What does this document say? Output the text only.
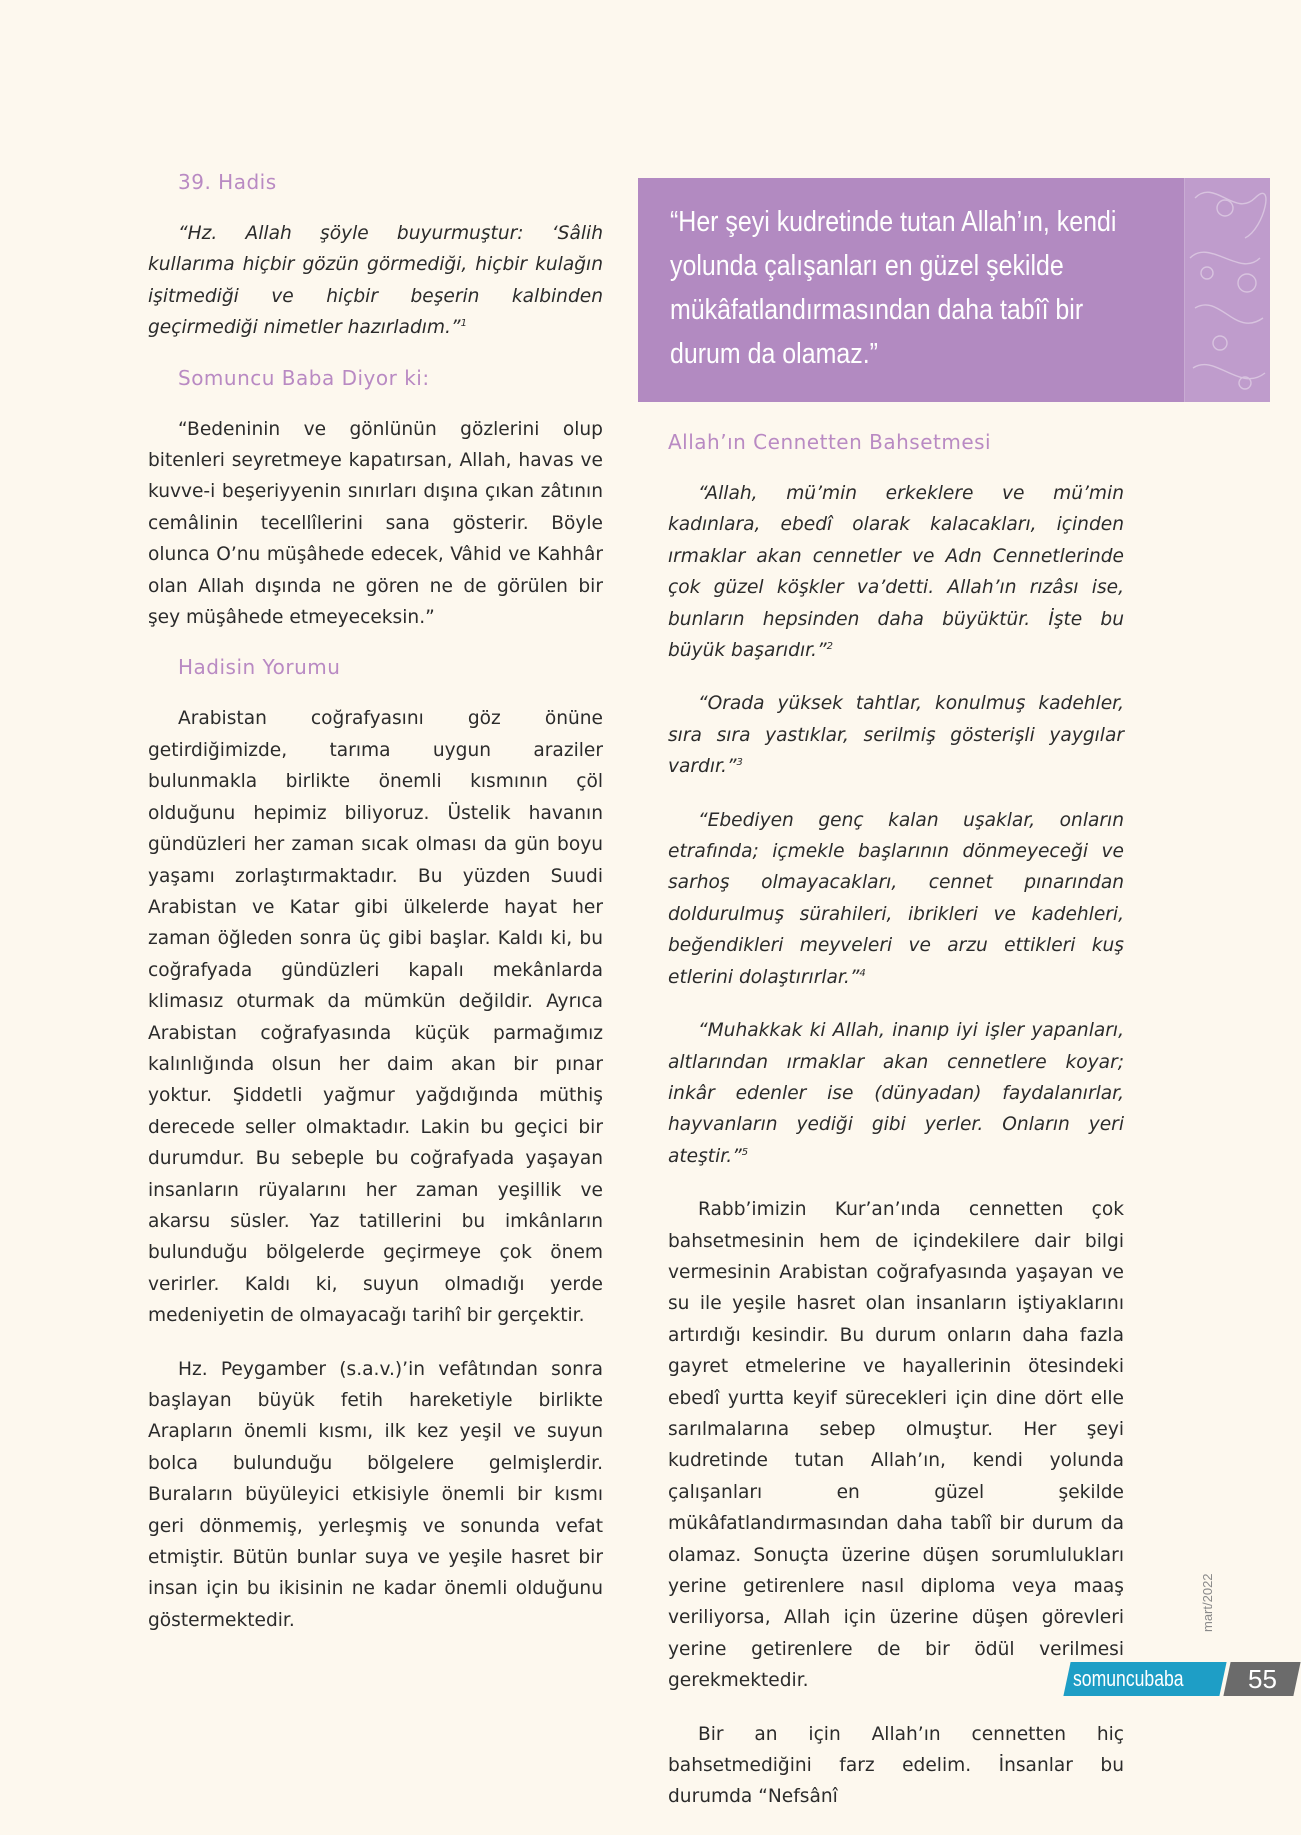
39. Hadis

“Hz. Allah şöyle buyurmuştur: ‘Sâlih kullarıma hiçbir gözün görmediği, hiçbir kulağın işitmediği ve hiçbir beşerin kalbinden geçirmediği nimetler hazırladım.”$^1$

Somuncu Baba Diyor ki:

“Bedeninin ve gönlünün gözlerini olup bitenleri seyretmeye kapatırsan, Allah, havas ve kuvve-i beşeriyyenin sınırları dışına çıkan zâtının cemâlinin tecellîlerini sana gösterir. Böyle olunca O’nu müşâhede edecek, Vâhid ve Kahhâr olan Allah dışında ne gören ne de görülen bir şey müşâhede etmeyeceksin.”

Hadisin Yorumu

Arabistan coğrafyasını göz önüne getirdiğimizde, tarıma uygun araziler bulunmakla birlikte önemli kısmının çöl olduğunu hepimiz biliyoruz. Üstelik havanın gündüzleri her zaman sıcak olması da gün boyu yaşamı zorlaştırmaktadır. Bu yüzden Suudi Arabistan ve Katar gibi ülkelerde hayat her zaman öğleden sonra üç gibi başlar. Kaldı ki, bu coğrafyada gündüzleri kapalı mekânlarda klimasız oturmak da mümkün değildir. Ayrıca Arabistan coğrafyasında küçük parmağımız kalınlığında olsun her daim akan bir pınar yoktur. Şiddetli yağmur yağdığında müthiş derecede seller olmaktadır. Lakin bu geçici bir durumdur. Bu sebeple bu coğrafyada yaşayan insanların rüyalarını her zaman yeşillik ve akarsu süsler. Yaz tatillerini bu imkânların bulunduğu bölgelerde geçirmeye çok önem verirler. Kaldı ki, suyun olmadığı yerde medeniyetin de olmayacağı tarihî bir gerçektir.

Hz. Peygamber (s.a.v.)’in vefâtından sonra başlayan büyük fetih hareketiyle birlikte Arapların önemli kısmı, ilk kez yeşil ve suyun bolca bulunduğu bölgelere gelmişlerdir. Buraların büyüleyici etkisiyle önemli bir kısmı geri dönmemiş, yerleşmiş ve sonunda vefat etmiştir. Bütün bunlar suya ve yeşile hasret bir insan için bu ikisinin ne kadar önemli olduğunu göstermektedir.

“Her şeyi kudretinde tutan Allah’ın, kendi yolunda çalışanları en güzel şekilde mükâfatlandırmasından daha tabîî bir durum da olamaz.”
Allah’ın Cennetten Bahsetmesi

“Allah, mü’min erkeklere ve mü’min kadınlara, ebedî olarak kalacakları, içinden ırmaklar akan cennetler ve Adn Cennetlerinde çok güzel köşkler va’detti. Allah’ın rızâsı ise, bunların hepsinden daha büyüktür. İşte bu büyük başarıdır.”$^2$

“Orada yüksek tahtlar, konulmuş kadehler, sıra sıra yastıklar, serilmiş gösterişli yaygılar vardır.”$^3$

“Ebediyen genç kalan uşaklar, onların etrafında; içmekle başlarının dönmeyeceği ve sarhoş olmayacakları, cennet pınarından doldurulmuş sürahileri, ibrikleri ve kadehleri, beğendikleri meyveleri ve arzu ettikleri kuş etlerini dolaştırırlar.”$^4$

“Muhakkak ki Allah, inanıp iyi işler yapanları, altlarından ırmaklar akan cennetlere koyar; inkâr edenler ise (dünyadan) faydalanırlar, hayvanların yediği gibi yerler. Onların yeri ateştir.”$^5$

Rabb’imizin Kur’an’ında cennetten çok bahsetmesinin hem de içindekilere dair bilgi vermesinin Arabistan coğrafyasında yaşayan ve su ile yeşile hasret olan insanların iştiyaklarını artırdığı kesindir. Bu durum onların daha fazla gayret etmelerine ve hayallerinin ötesindeki ebedî yurtta keyif sürecekleri için dine dört elle sarılmalarına sebep olmuştur. Her şeyi kudretinde tutan Allah’ın, kendi yolunda çalışanları en güzel şekilde mükâfatlandırmasından daha tabîî bir durum da olamaz. Sonuçta üzerine düşen sorumlulukları yerine getirenlere nasıl diploma veya maaş veriliyorsa, Allah için üzerine düşen görevleri yerine getirenlere de bir ödül verilmesi gerekmektedir.

Bir an için Allah’ın cennetten hiç bahsetmediğini farz edelim. İnsanlar bu durumda “Nefsânî

mart/2022
somuncubaba	55
